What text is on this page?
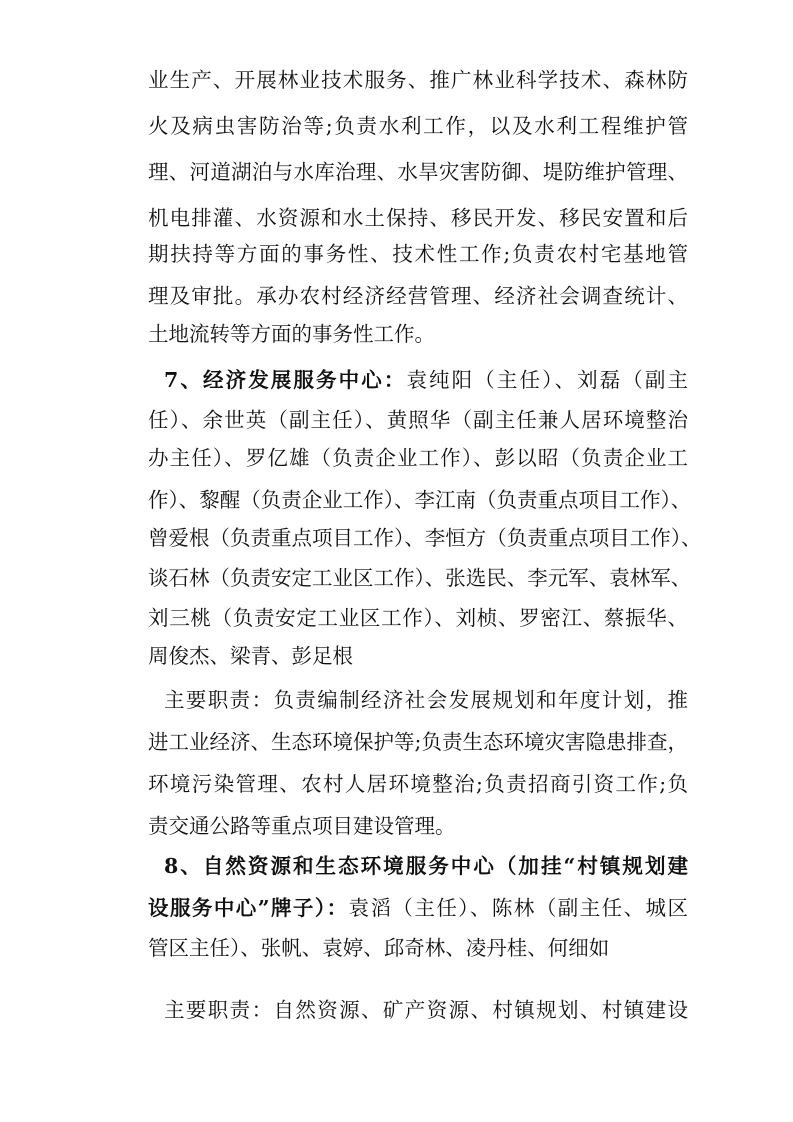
业生产、开展林业技术服务、推广林业科学技术、森林防
火及病虫害防治等;负责水利工作，以及水利工程维护管
理、河道湖泊与水库治理、水旱灾害防御、堤防维护管理、
机电排灌、水资源和水土保持、移民开发、移民安置和后
期扶持等方面的事务性、技术性工作;负责农村宅基地管
理及审批。承办农村经济经营管理、经济社会调查统计、
土地流转等方面的事务性工作。
7、经济发展服务中心：袁纯阳（主任）、刘磊（副主
任）、余世英（副主任）、黄照华（副主任兼人居环境整治
办主任）、罗亿雄（负责企业工作）、彭以昭（负责企业工
作）、黎醒（负责企业工作）、李江南（负责重点项目工作）、
曾爱根（负责重点项目工作）、李恒方（负责重点项目工作）、
谈石林（负责安定工业区工作）、张选民、李元军、袁林军、
刘三桃（负责安定工业区工作）、刘桢、罗密江、蔡振华、
周俊杰、梁青、彭足根
主要职责：负责编制经济社会发展规划和年度计划，推
进工业经济、生态环境保护等;负责生态环境灾害隐患排查，
环境污染管理、农村人居环境整治;负责招商引资工作;负
责交通公路等重点项目建设管理。
8、自然资源和生态环境服务中心（加挂“村镇规划建
设服务中心”牌子）：袁滔（主任）、陈林（副主任、城区
管区主任）、张帆、袁婷、邱奇林、凌丹桂、何细如
主要职责：自然资源、矿产资源、村镇规划、村镇建设
